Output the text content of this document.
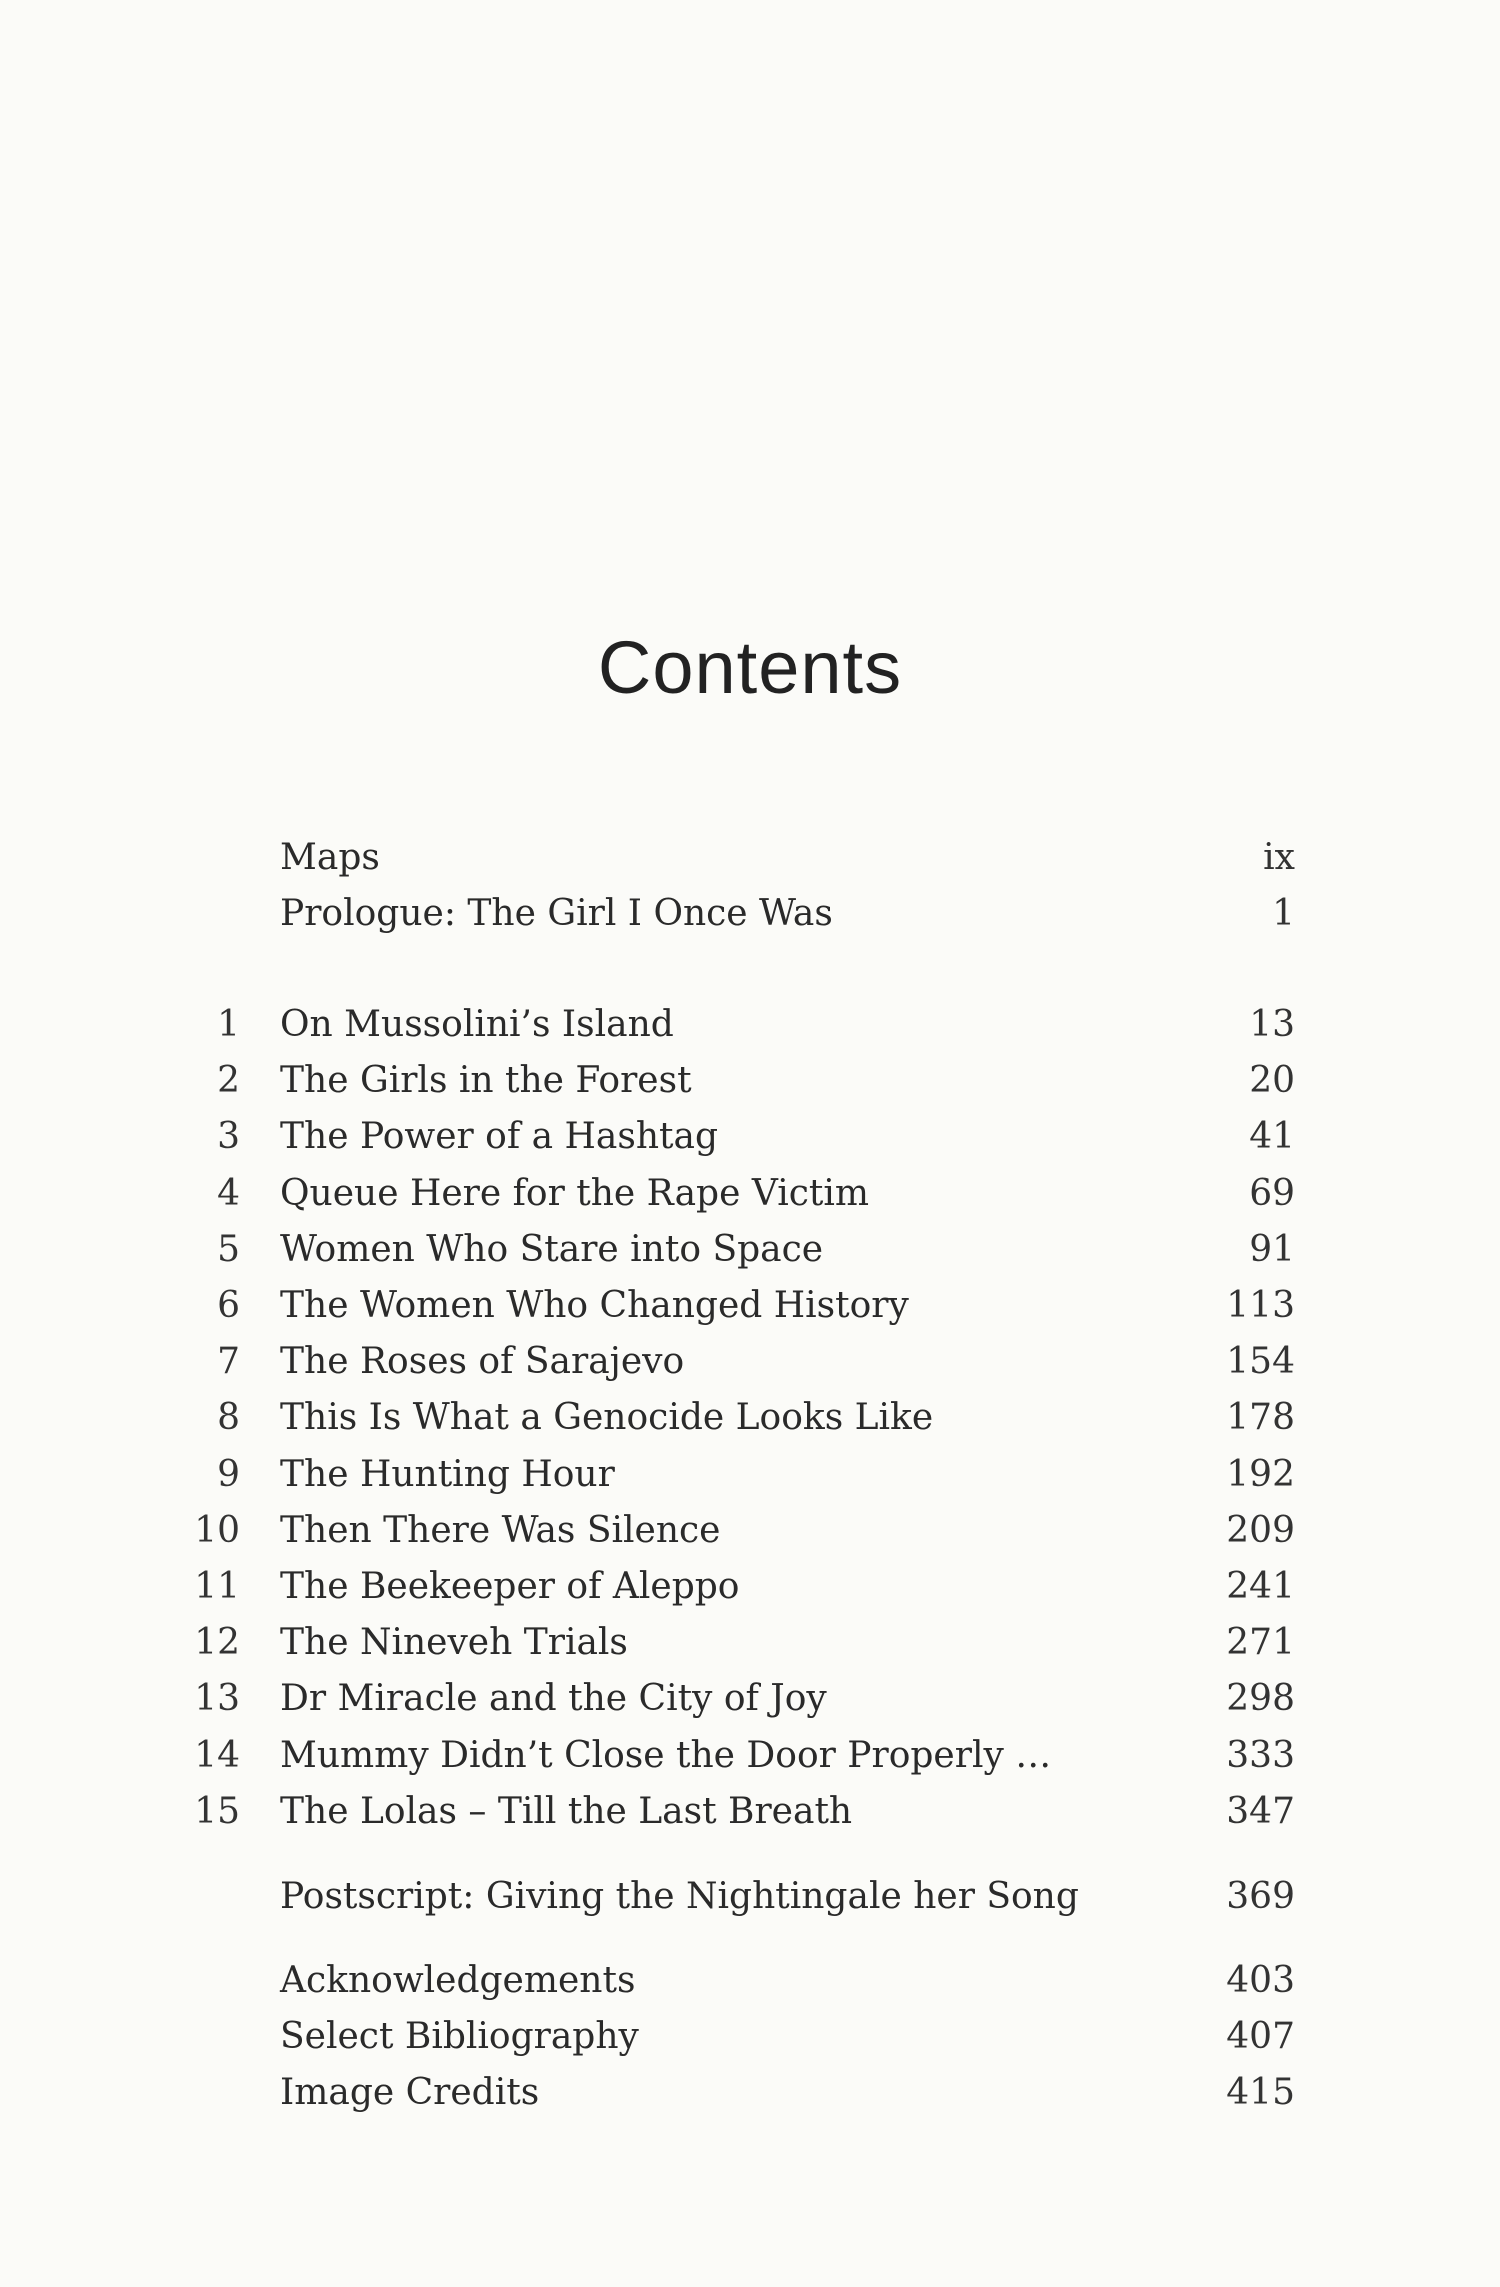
Contents
Maps	ix
Prologue: The Girl I Once Was	1
1 On Mussolini’s Island	13
2 The Girls in the Forest	20
3 The Power of a Hashtag	41
4 Queue Here for the Rape Victim	69
5 Women Who Stare into Space	91
6 The Women Who Changed History	113
7 The Roses of Sarajevo	154
8 This Is What a Genocide Looks Like	178
9 The Hunting Hour	192
10 Then There Was Silence	209
11 The Beekeeper of Aleppo	241
12 The Nineveh Trials	271
13 Dr Miracle and the City of Joy	298
14 Mummy Didn’t Close the Door Properly …	333
15 The Lolas – Till the Last Breath	347
Postscript: Giving the Nightingale her Song	369
Acknowledgements	403
Select Bibliography	407
Image Credits	415
